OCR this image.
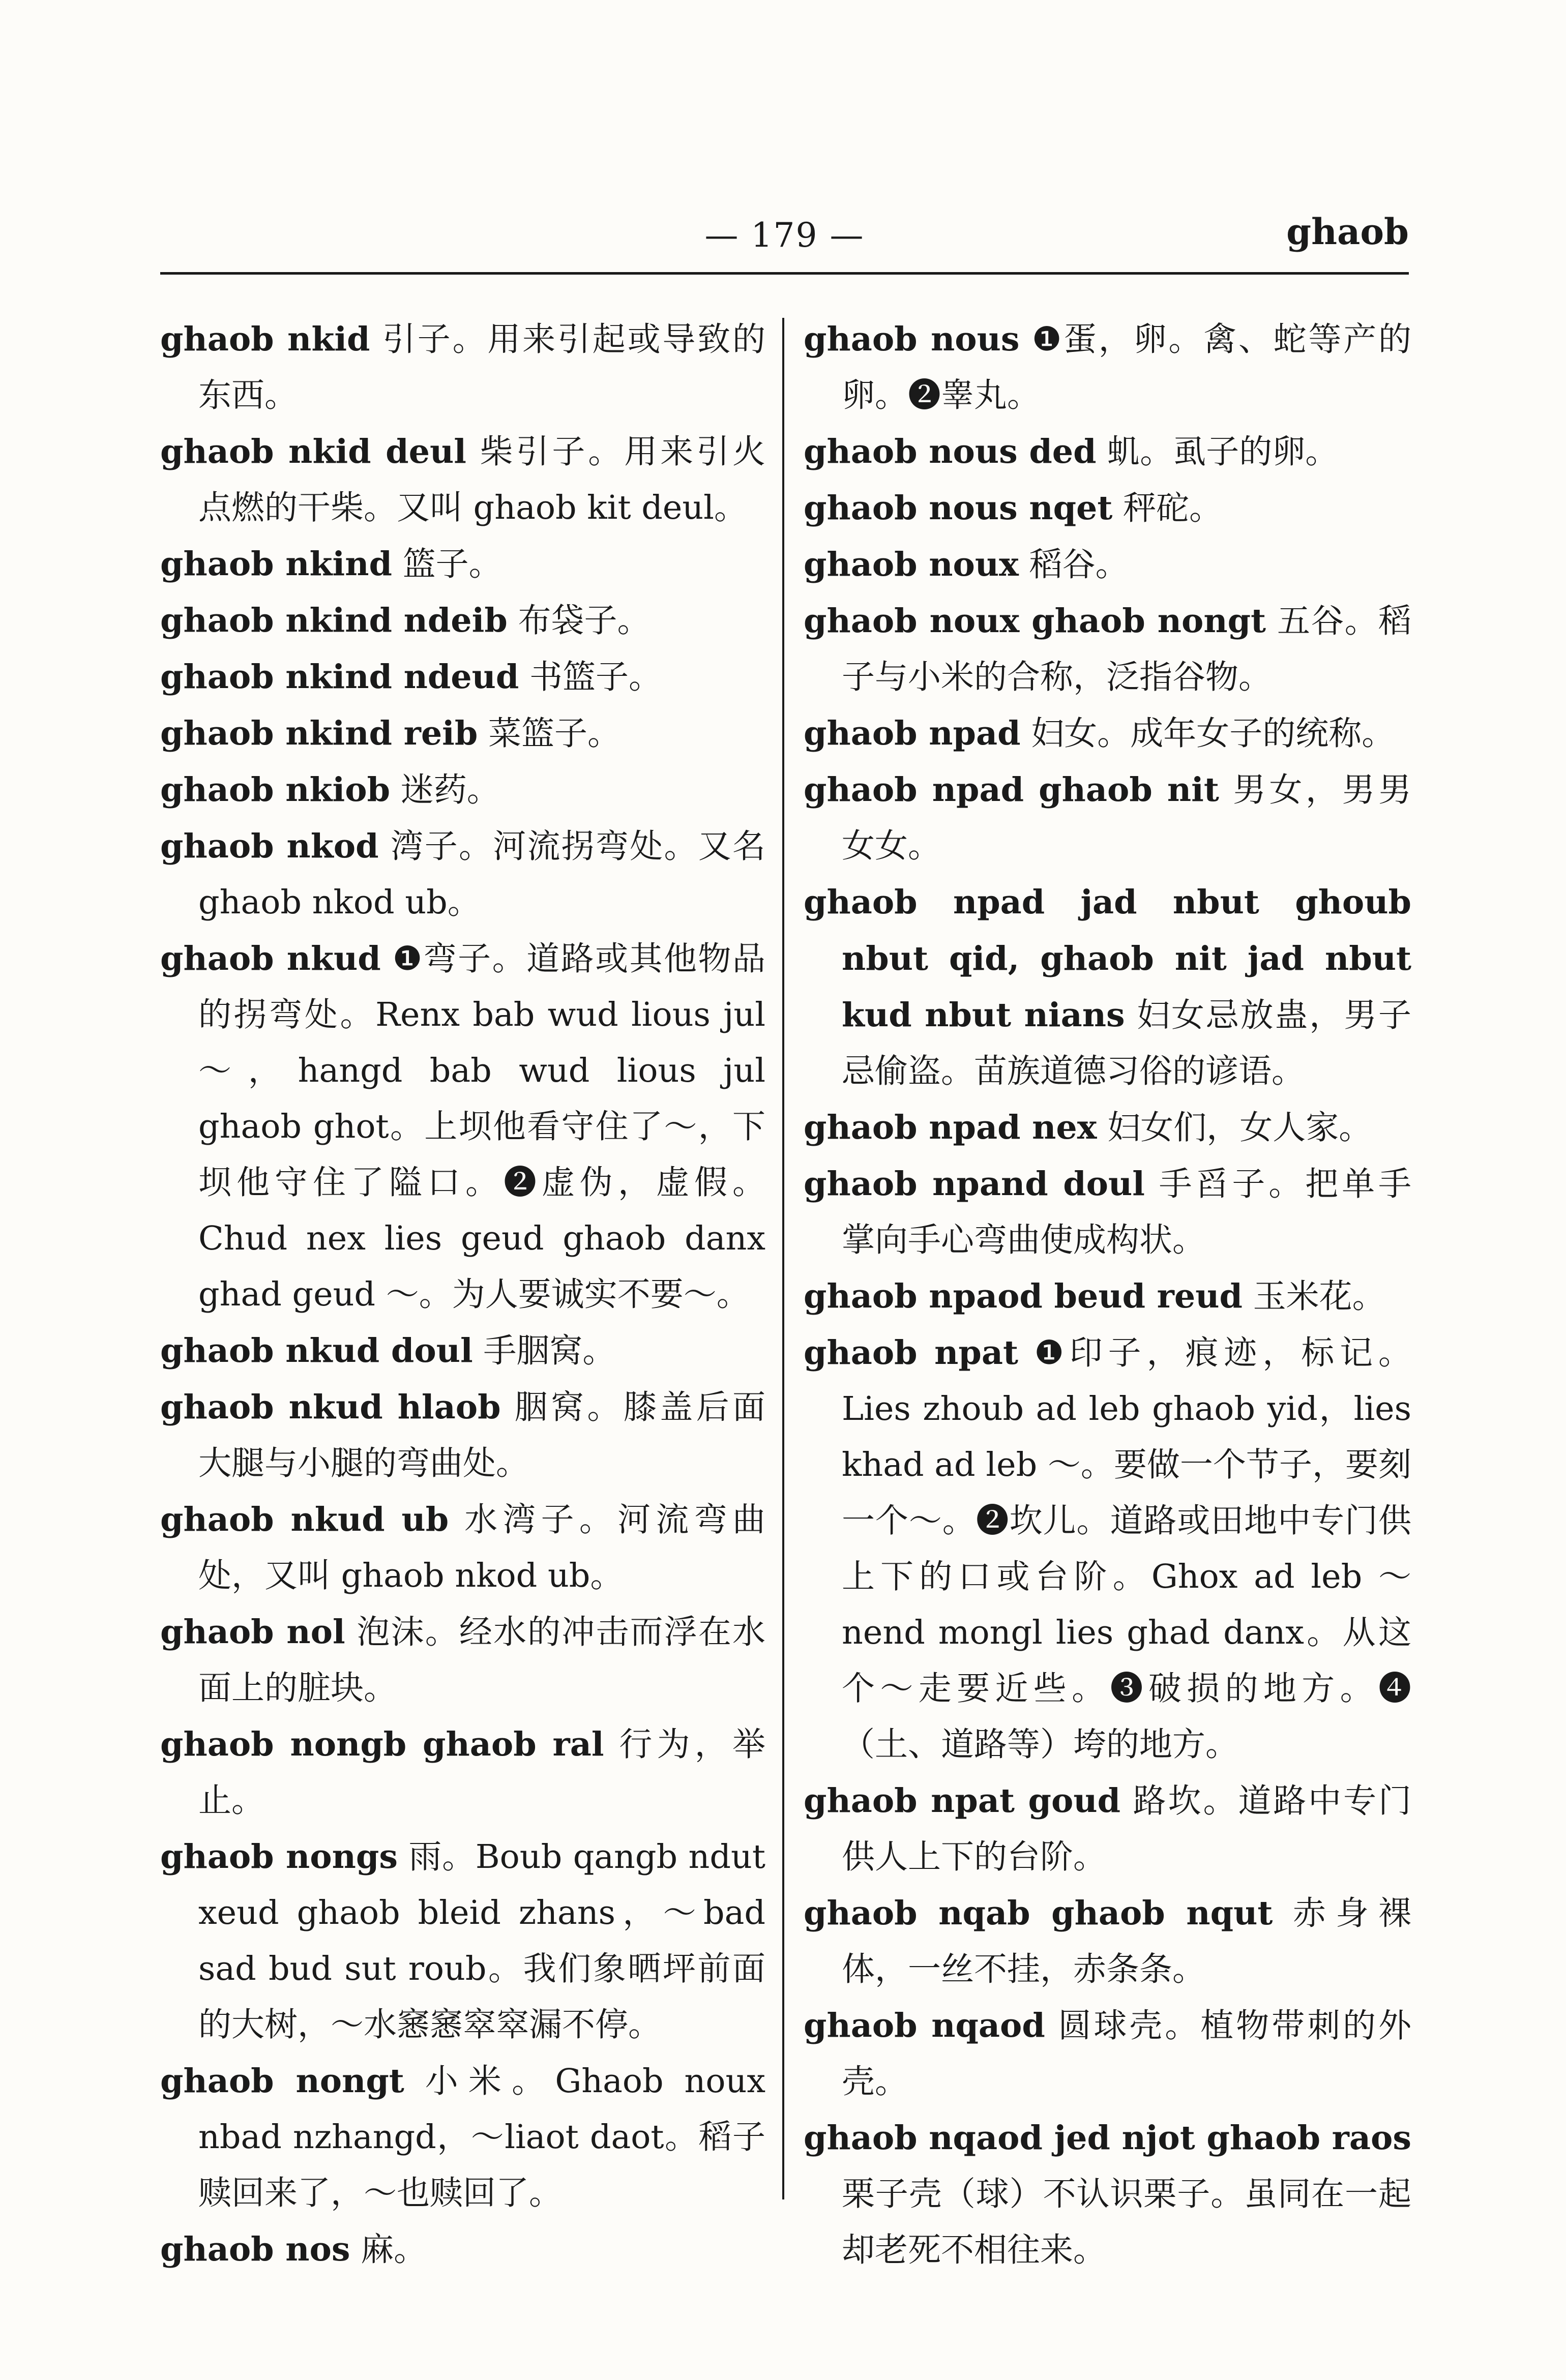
— 179 —	ghaob
ghaob nkid 引子。用来引起或导致的东西。
ghaob nkid deul 柴引子。用来引火点燃的干柴。又叫 ghaob kit deul。
ghaob nkind 篮子。
ghaob nkind ndeib 布袋子。
ghaob nkind ndeud 书篮子。
ghaob nkind reib 菜篮子。
ghaob nkiob 迷药。
ghaob nkod 湾子。河流拐弯处。又名 ghaob nkod ub。
ghaob nkud ❶弯子。道路或其他物品的拐弯处。Renx bab wud lious jul ～，hangd bab wud lious jul ghaob ghot。上坝他看守住了～，下坝他守住了隘口。❷虚伪，虚假。Chud nex lies geud ghaob danx ghad geud ～。为人要诚实不要～。
ghaob nkud doul 手胭窝。
ghaob nkud hlaob 胭窝。膝盖后面大腿与小腿的弯曲处。
ghaob nkud ub 水湾子。河流弯曲处，又叫 ghaob nkod ub。
ghaob nol 泡沫。经水的冲击而浮在水面上的脏块。
ghaob nongb ghaob ral 行为，举止。
ghaob nongs 雨。Boub qangb ndut xeud ghaob bleid zhans，～bad sad bud sut roub。我们象晒坪前面的大树，～水窸窸窣窣漏不停。
ghaob nongt 小米。Ghaob noux nbad nzhangd，～liaot daot。稻子赎回来了，～也赎回了。
ghaob nos 麻。
ghaob nous ❶蛋，卵。禽、蛇等产的卵。❷睾丸。
ghaob nous ded 虮。虱子的卵。
ghaob nous nqet 秤砣。
ghaob noux 稻谷。
ghaob noux ghaob nongt 五谷。稻子与小米的合称，泛指谷物。
ghaob npad 妇女。成年女子的统称。
ghaob npad ghaob nit 男女，男男女女。
ghaob npad jad nbut ghoub nbut qid, ghaob nit jad nbut kud nbut nians 妇女忌放蛊，男子忌偷盗。苗族道德习俗的谚语。
ghaob npad nex 妇女们，女人家。
ghaob npand doul 手舀子。把单手掌向手心弯曲使成构状。
ghaob npaod beud reud 玉米花。
ghaob npat ❶印子，痕迹，标记。Lies zhoub ad leb ghaob yid，lies khad ad leb ～。要做一个节子，要刻一个～。❷坎儿。道路或田地中专门供上下的口或台阶。Ghox ad leb ～ nend mongl lies ghad danx。从这个～走要近些。❸破损的地方。❹（土、道路等）垮的地方。
ghaob npat goud 路坎。道路中专门供人上下的台阶。
ghaob nqab ghaob nqut 赤身裸体，一丝不挂，赤条条。
ghaob nqaod 圆球壳。植物带刺的外壳。
ghaob nqaod jed njot ghaob raos 栗子壳（球）不认识栗子。虽同在一起却老死不相往来。
